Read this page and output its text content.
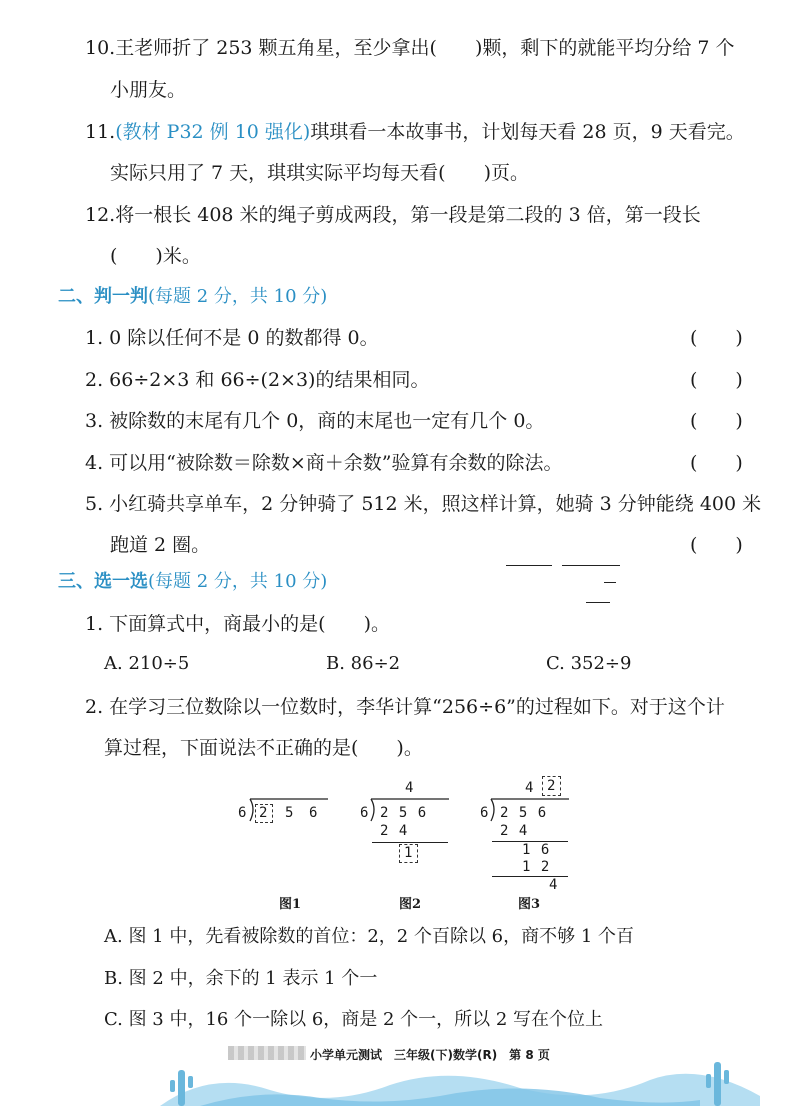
10.王老师折了 253 颗五角星，至少拿出(　　)颗，剩下的就能平均分给 7 个
小朋友。
11.(教材 P32 例 10 强化)琪琪看一本故事书，计划每天看 28 页，9 天看完。
实际只用了 7 天，琪琪实际平均每天看(　　)页。
12.将一根长 408 米的绳子剪成两段，第一段是第二段的 3 倍，第一段长
(　　)米。
二、判一判(每题 2 分，共 10 分)
1. 0 除以任何不是 0 的数都得 0。	(　　)
2. 66÷2×3 和 66÷(2×3)的结果相同。	(　　)
3. 被除数的末尾有几个 0，商的末尾也一定有几个 0。	(　　)
4. 可以用“被除数＝除数×商＋余数”验算有余数的除法。	(　　)
5. 小红骑共享单车，2 分钟骑了 512 米，照这样计算，她骑 3 分钟能绕 400 米
跑道 2 圈。	(　　)
三、选一选(每题 2 分，共 10 分)
1. 下面算式中，商最小的是(　　)。
A. 210÷5	B. 86÷2	C. 352÷9
2. 在学习三位数除以一位数时，李华计算“256÷6”的过程如下。对于这个计
算过程，下面说法不正确的是(　　)。
6 2 5 6
图1
4
6 2 5 6
2 4
1
图2
4 2
6 2 5 6
2 4
1 6
1 2
4
图3
A. 图 1 中，先看被除数的首位：2，2 个百除以 6，商不够 1 个百
B. 图 2 中，余下的 1 表示 1 个一
C. 图 3 中，16 个一除以 6，商是 2 个一，所以 2 写在个位上
小学单元测试　三年级(下)数学(R)　第 8 页
